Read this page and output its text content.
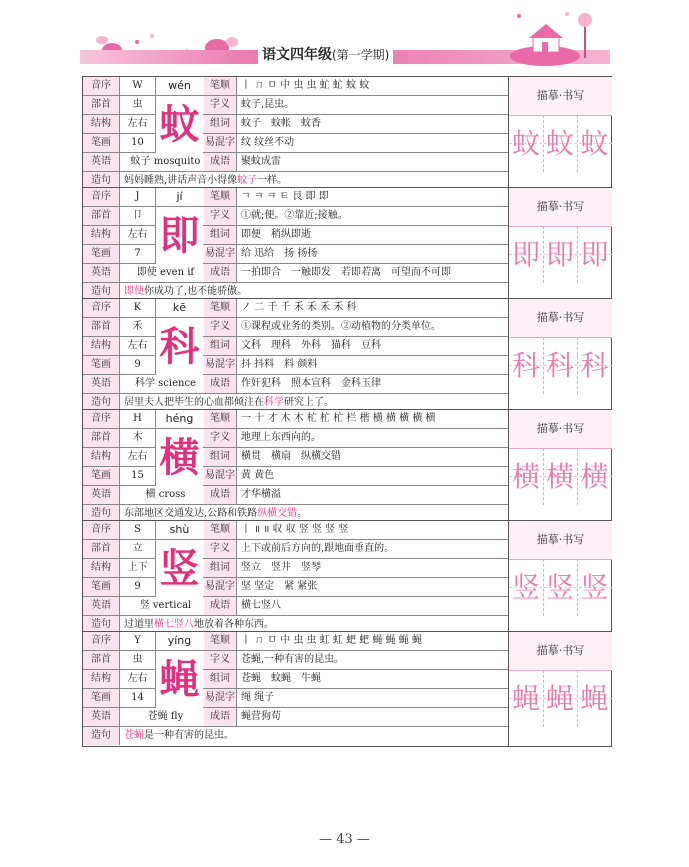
语文四年级(第一学期)
音序	W	笔顺	丨 ㄇ ㅁ 中 虫 虫 虻 虻 蚊 蚊
部首	虫	字义	蚊子,昆虫。
结构	左右	组词	蚊子　蚊帐　蚊香
笔画	10	易混字 纹 纹丝不动
英语	蚊子 mosquito 成语	聚蚊成雷
造句	妈妈睡熟,讲话声音小得像蚊子一样。
wén
蚊
描摹·书写
蚊 蚊 蚊
音序	J	笔顺	ㄱ ㅋ ㅋ ㅌ 艮 即 即
部首	卩	字义	①就;便。②靠近;接触。
结构	左右	组词	即便　稍纵即逝
笔画	7	易混字 给 迅给　扬 扬扬
英语	即使 even if	成语	一拍即合　一触即发　若即若离　可望而不可即
造句	即使你成功了,也不能骄傲。
jí
即
描摹·书写
即 即 即
音序	K	笔顺	ノ 二 千 千 禾 禾 禾 禾 科
部首	禾	字义	①课程或业务的类别。②动植物的分类单位。
结构	左右	组词	文科　理科　外科　猫科　豆科
笔画	9	易混字 抖 抖料　料 颜料
英语	科学 science	成语	作奸犯科　照本宣科　金科玉律
造句	居里夫人把毕生的心血都倾注在科学研究上了。
kē
科
描摹·书写
科 科 科
音序	H	笔顺	一 十 才 木 木 杧 杧 杧 栏 楷 横 横 横 横 横
部首	木	字义	地理上东西向的。
结构	左右	组词	横贯　横扇　纵横交错
笔画	15	易混字 黄 黄色
英语	横 cross	成语	才华横溢
造句	东部地区交通发达,公路和铁路纵横交错。
héng
横
描摹·书写
横 横 横
音序	S	笔顺	丨 ॥ ॥ 収 収 竖 竖 竖 竖
部首	立	字义	上下或前后方向的,跟地面垂直的。
结构	上下	组词	竖立　竖井　竖琴
笔画	9	易混字 坚 坚定　紧 紧张
英语	竖 vertical	成语	横七竖八
造句	过道里横七竖八地放着各种东西。
shù
竖
描摹·书写
竖 竖 竖
音序	Y	笔顺	丨 ㄇ ㅁ 中 虫 虫 虹 虹 蚆 蚆 蝇 蝇 蝇 蝇
部首	虫	字义	苍蝇,一种有害的昆虫。
结构	左右	组词	苍蝇　蚊蝇　牛蝇
笔画	14	易混字 绳 绳子
英语	苍蝇 fly	成语	蝇营狗苟
造句	苍蝇是一种有害的昆虫。
yíng
蝇
描摹·书写
蝇 蝇 蝇
— 43 —
